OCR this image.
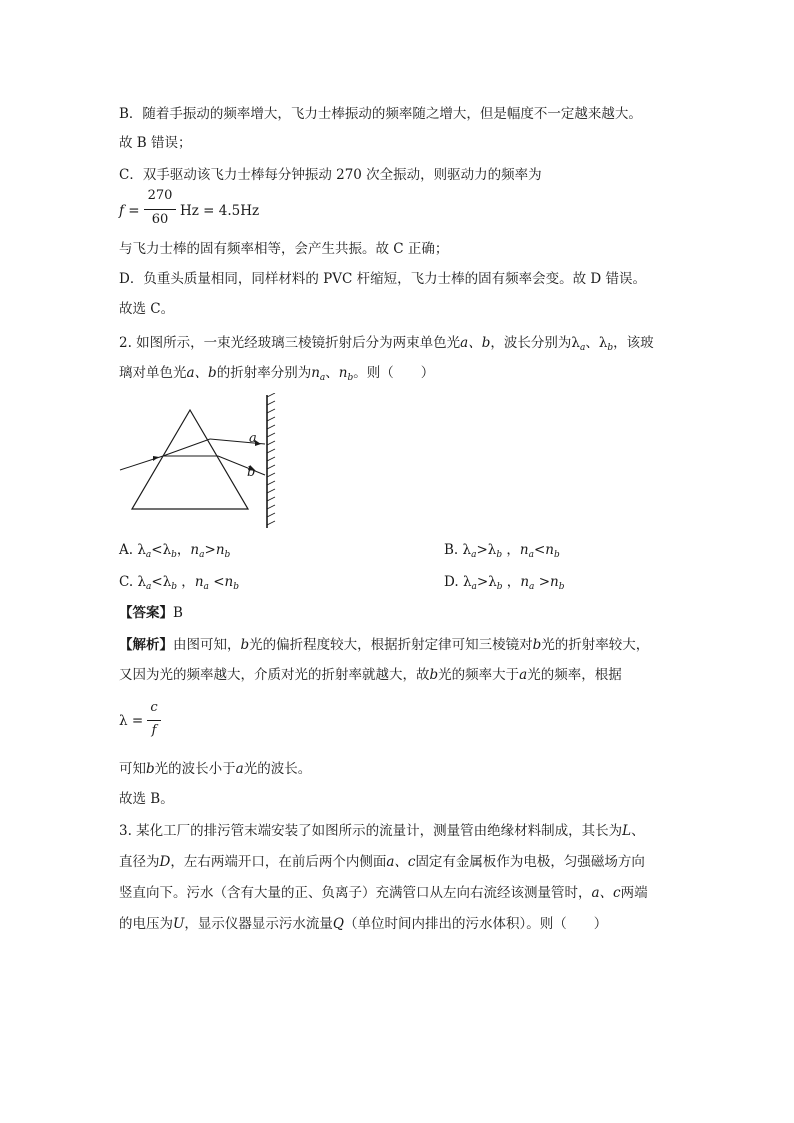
B．随着手振动的频率增大，飞力士棒振动的频率随之增大，但是幅度不一定越来越大。
故 B 错误；
C．双手驱动该飞力士棒每分钟振动 270 次全振动，则驱动力的频率为
f =
270
60
Hz = 4.5Hz
与飞力士棒的固有频率相等，会产生共振。故 C 正确；
D．负重头质量相同，同样材料的 PVC 杆缩短，飞力士棒的固有频率会变。故 D 错误。
故选 C。
2. 如图所示，一束光经玻璃三棱镜折射后分为两束单色光a、b，波长分别为$\lambda_a$、$\lambda_b$，该玻
璃对单色光a、b的折射率分别为$n_a$、$n_b$。则（　　）
a
b
A. $\lambda_a<\lambda_b$，$n_a>n_b$	B. $\lambda_a>\lambda_b$ ，$n_a<n_b$
C. $\lambda_a<\lambda_b$ ，$n_a <n_b$	D. $\lambda_a>\lambda_b$ ，$n_a >n_b$
【答案】B
【解析】由图可知，b光的偏折程度较大，根据折射定律可知三棱镜对b光的折射率较大，
又因为光的频率越大，介质对光的折射率就越大，故b光的频率大于a光的频率，根据
λ =
c
f
可知b光的波长小于a光的波长。
故选 B。
3. 某化工厂的排污管末端安装了如图所示的流量计，测量管由绝缘材料制成，其长为L、
直径为D，左右两端开口，在前后两个内侧面a、c固定有金属板作为电极，匀强磁场方向
竖直向下。污水（含有大量的正、负离子）充满管口从左向右流经该测量管时，a、c两端
的电压为U，显示仪器显示污水流量Q（单位时间内排出的污水体积）。则（　　）
